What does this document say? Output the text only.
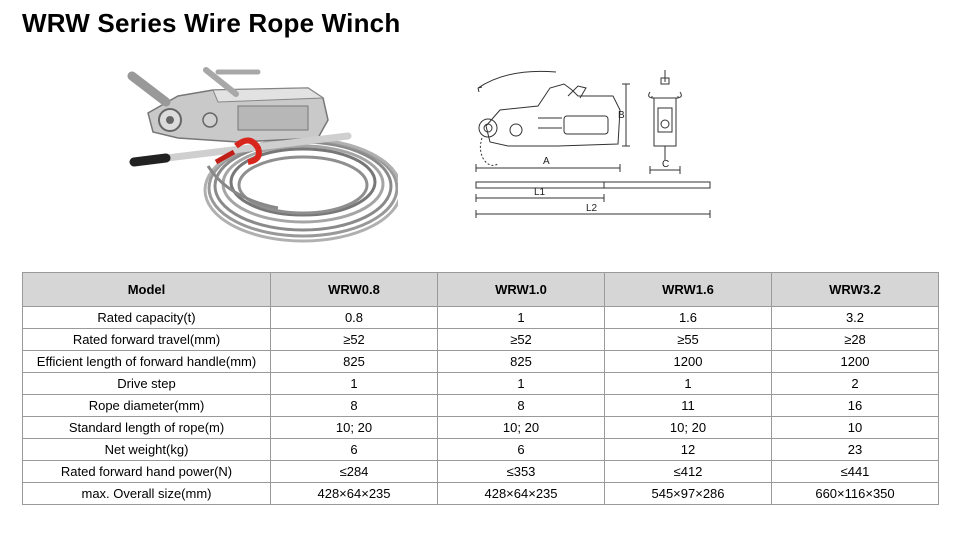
WRW Series Wire Rope Winch
A
B
L1
L2
C
Model	WRW0.8	WRW1.0	WRW1.6	WRW3.2
Rated capacity(t)	0.8	1	1.6	3.2
Rated forward travel(mm)	≥52	≥52	≥55	≥28
Efficient length of forward handle(mm)	825	825	1200	1200
Drive step	1	1	1	2
Rope diameter(mm)	8	8	11	16
Standard length of rope(m)	10; 20	10; 20	10; 20	10
Net weight(kg)	6	6	12	23
Rated forward hand power(N)	≤284	≤353	≤412	≤441
max. Overall size(mm)	428×64×235	428×64×235	545×97×286	660×116×350
